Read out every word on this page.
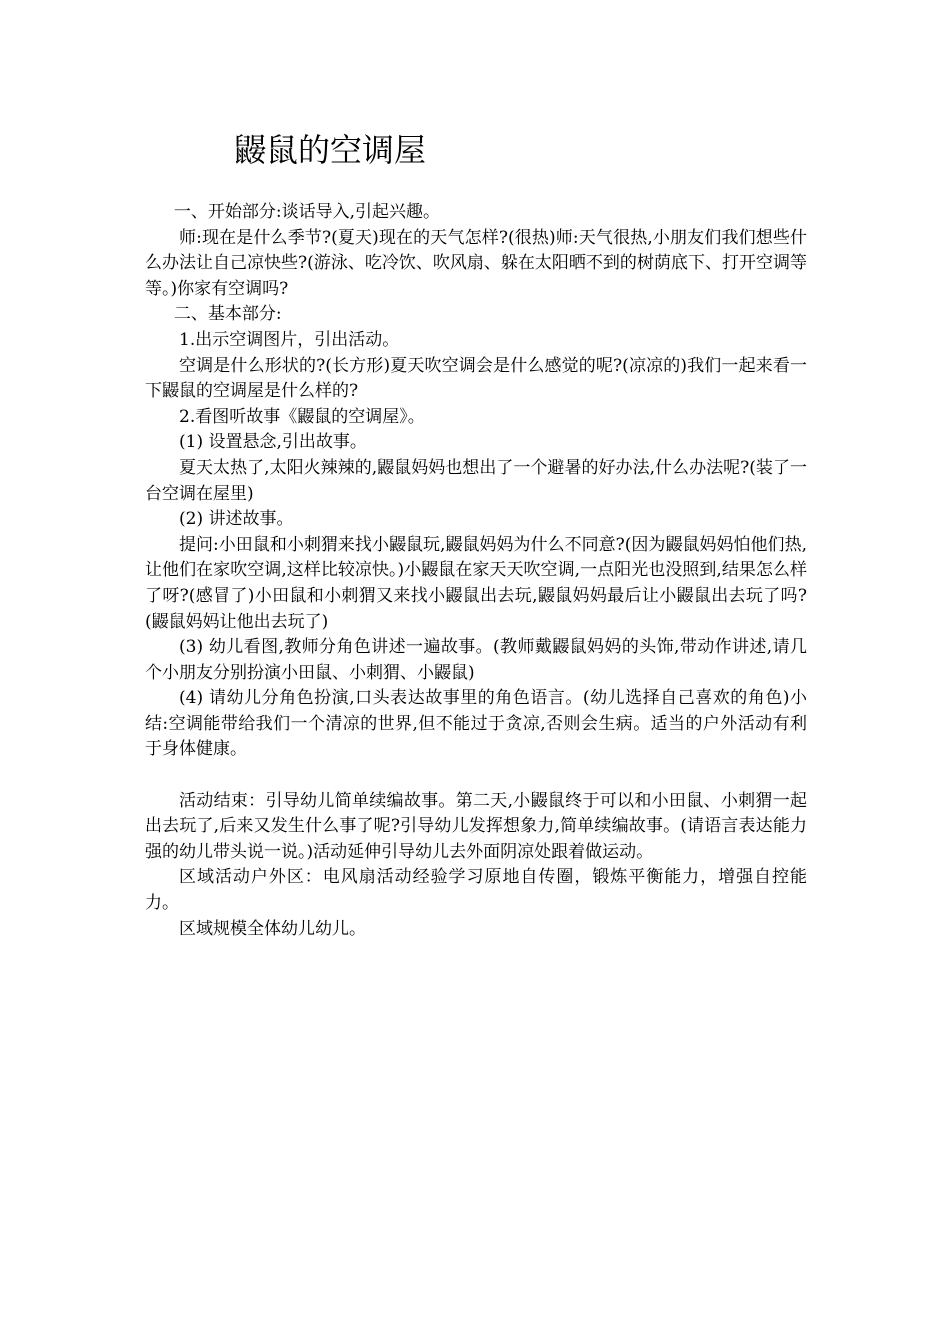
鼹鼠的空调屋

一、开始部分:谈话导入,引起兴趣。

师:现在是什么季节?(夏天)现在的天气怎样?(很热)师:天气很热,小朋友们我们想些什么办法让自己凉快些?(游泳、吃冷饮、吹风扇、躲在太阳晒不到的树荫底下、打开空调等等。)你家有空调吗?

二、基本部分:

1.出示空调图片，引出活动。

空调是什么形状的?(长方形)夏天吹空调会是什么感觉的呢?(凉凉的)我们一起来看一下鼹鼠的空调屋是什么样的?

2.看图听故事《鼹鼠的空调屋》。

(1) 设置悬念,引出故事。

夏天太热了,太阳火辣辣的,鼹鼠妈妈也想出了一个避暑的好办法,什么办法呢?(装了一台空调在屋里)

(2) 讲述故事。

提问:小田鼠和小刺猬来找小鼹鼠玩,鼹鼠妈妈为什么不同意?(因为鼹鼠妈妈怕他们热,让他们在家吹空调,这样比较凉快。)小鼹鼠在家天天吹空调,一点阳光也没照到,结果怎么样了呀?(感冒了)小田鼠和小刺猬又来找小鼹鼠出去玩,鼹鼠妈妈最后让小鼹鼠出去玩了吗?(鼹鼠妈妈让他出去玩了)

(3) 幼儿看图,教师分角色讲述一遍故事。(教师戴鼹鼠妈妈的头饰,带动作讲述,请几个小朋友分别扮演小田鼠、小刺猬、小鼹鼠)

(4) 请幼儿分角色扮演,口头表达故事里的角色语言。(幼儿选择自己喜欢的角色)小结:空调能带给我们一个清凉的世界,但不能过于贪凉,否则会生病。适当的户外活动有利于身体健康。

活动结束：引导幼儿简单续编故事。第二天,小鼹鼠终于可以和小田鼠、小刺猬一起出去玩了,后来又发生什么事了呢?引导幼儿发挥想象力,简单续编故事。(请语言表达能力强的幼儿带头说一说。)活动延伸引导幼儿去外面阴凉处跟着做运动。

区域活动户外区：电风扇活动经验学习原地自传圈，锻炼平衡能力，增强自控能力。

区域规模全体幼儿幼儿。
